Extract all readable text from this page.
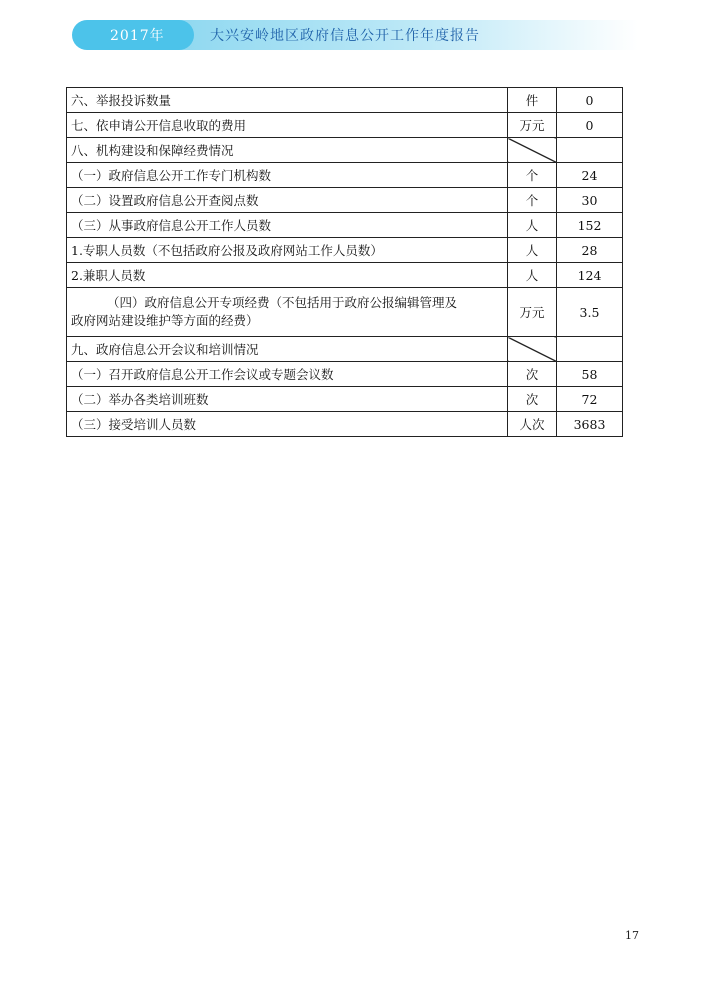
2017年	大兴安岭地区政府信息公开工作年度报告
六、举报投诉数量	件	0
七、依申请公开信息收取的费用	万元	0
八、机构建设和保障经费情况		
（一）政府信息公开工作专门机构数	个	24
（二）设置政府信息公开查阅点数	个	30
（三）从事政府信息公开工作人员数	人	152
1.专职人员数（不包括政府公报及政府网站工作人员数）	人	28
2.兼职人员数	人	124

（四）政府信息公开专项经费（不包括用于政府公报编辑管理及
政府网站建设维护等方面的经费）	万元	3.5
九、政府信息公开会议和培训情况		
（一）召开政府信息公开工作会议或专题会议数	次	58
（二）举办各类培训班数	次	72
（三）接受培训人员数	人次	3683
17
